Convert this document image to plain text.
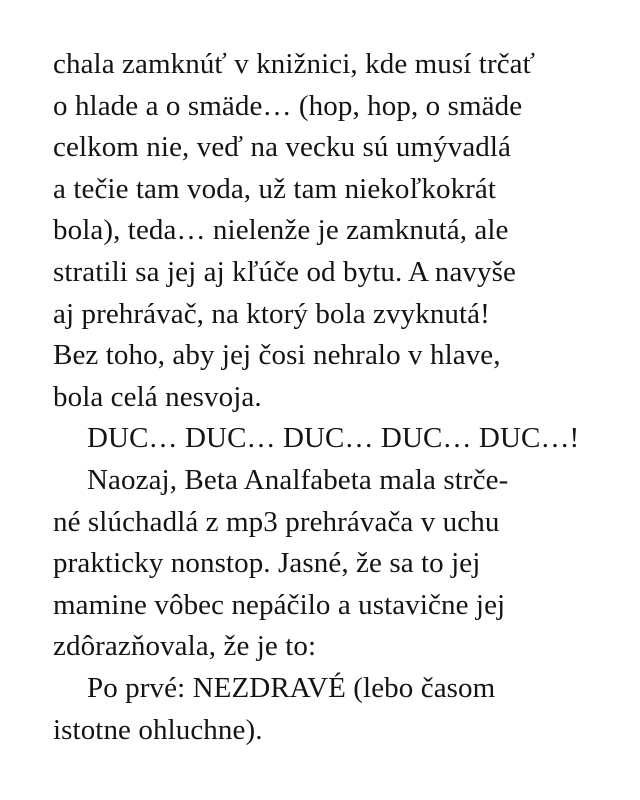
chala zamknúť v knižnici, kde musí trčať
o hlade a o smäde… (hop, hop, o smäde
celkom nie, veď na vecku sú umývadlá
a tečie tam voda, už tam niekoľkokrát
bola), teda… nielenže je zamknutá, ale
stratili sa jej aj kľúče od bytu. A navyše
aj prehrávač, na ktorý bola zvyknutá!
Bez toho, aby jej čosi nehralo v hlave,
bola celá nesvoja.
DUC… DUC… DUC… DUC… DUC…!
Naozaj, Beta Analfabeta mala strče-
né slúchadlá z mp3 prehrávača v uchu
prakticky nonstop. Jasné, že sa to jej
mamine vôbec nepáčilo a ustavične jej
zdôrazňovala, že je to:
Po prvé: NEZDRAVÉ (lebo časom
istotne ohluchne).
